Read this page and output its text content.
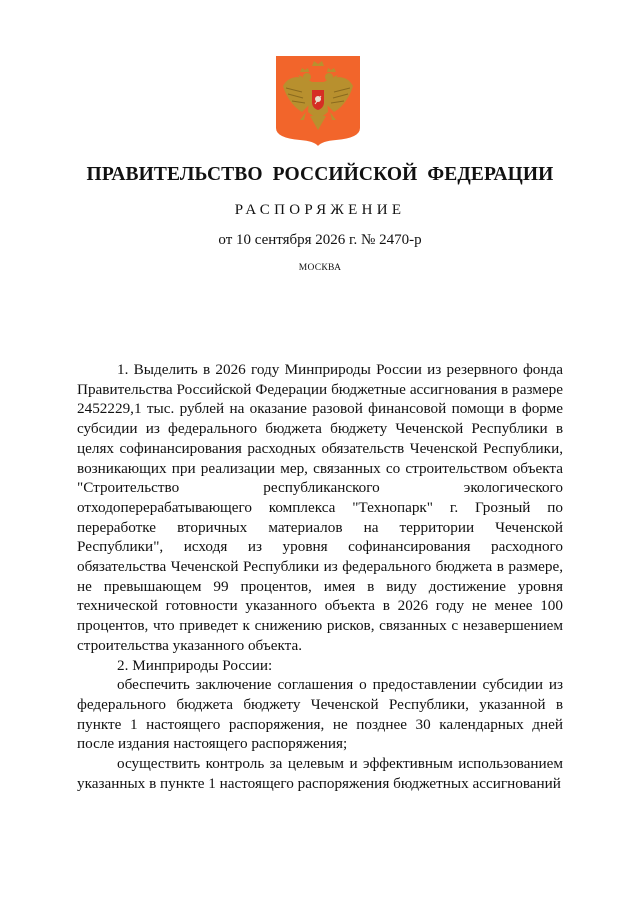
ПРАВИТЕЛЬСТВО РОССИЙСКОЙ ФЕДЕРАЦИИ
РАСПОРЯЖЕНИЕ
от 10 сентября 2026 г. № 2470-р
МОСКВА

1. Выделить в 2026 году Минприроды России из резервного фонда Правительства Российской Федерации бюджетные ассигнования в размере 2452229,1 тыс. рублей на оказание разовой финансовой помощи в форме субсидии из федерального бюджета бюджету Чеченской Республики в целях софинансирования расходных обязательств Чеченской Республики, возникающих при реализации мер, связанных со строительством объекта "Строительство республиканского экологического отходоперерабатывающего комплекса "Технопарк" г. Грозный по переработке вторичных материалов на территории Чеченской Республики", исходя из уровня софинансирования расходного обязательства Чеченской Республики из федерального бюджета в размере, не превышающем 99 процентов, имея в виду достижение уровня технической готовности указанного объекта в 2026 году не менее 100 процентов, что приведет к снижению рисков, связанных с незавершением строительства указанного объекта.

2. Минприроды России:

обеспечить заключение соглашения о предоставлении субсидии из федерального бюджета бюджету Чеченской Республики, указанной в пункте 1 настоящего распоряжения, не позднее 30 календарных дней после издания настоящего распоряжения;

осуществить контроль за целевым и эффективным использованием указанных в пункте 1 настоящего распоряжения бюджетных ассигнований
